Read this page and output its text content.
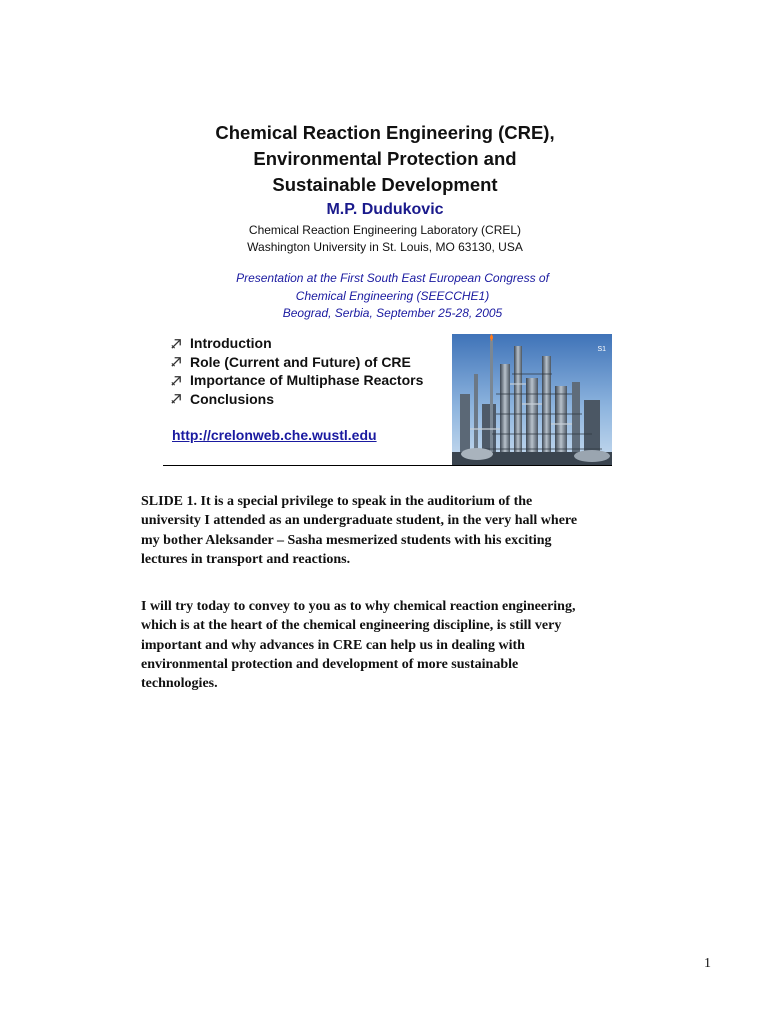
Chemical Reaction Engineering (CRE),
Environmental Protection and
Sustainable Development
M.P. Dudukovic
Chemical Reaction Engineering Laboratory (CREL)
Washington University in St. Louis, MO 63130, USA
Presentation at the First South East European Congress of
Chemical Engineering (SEECCHE1)
Beograd, Serbia, September 25-28, 2005
Introduction
Role (Current and Future) of CRE
Importance of Multiphase Reactors
Conclusions
http://crelonweb.che.wustl.edu
S1
SLIDE 1. It is a special privilege to speak in the auditorium of the
university I attended as an undergraduate student, in the very hall where
my bother Aleksander – Sasha mesmerized students with his exciting
lectures in transport and reactions.
I will try today to convey to you as to why chemical reaction engineering,
which is at the heart of the chemical engineering discipline, is still very
important and why advances in CRE can help us in dealing with
environmental protection and development of more sustainable
technologies.
1
